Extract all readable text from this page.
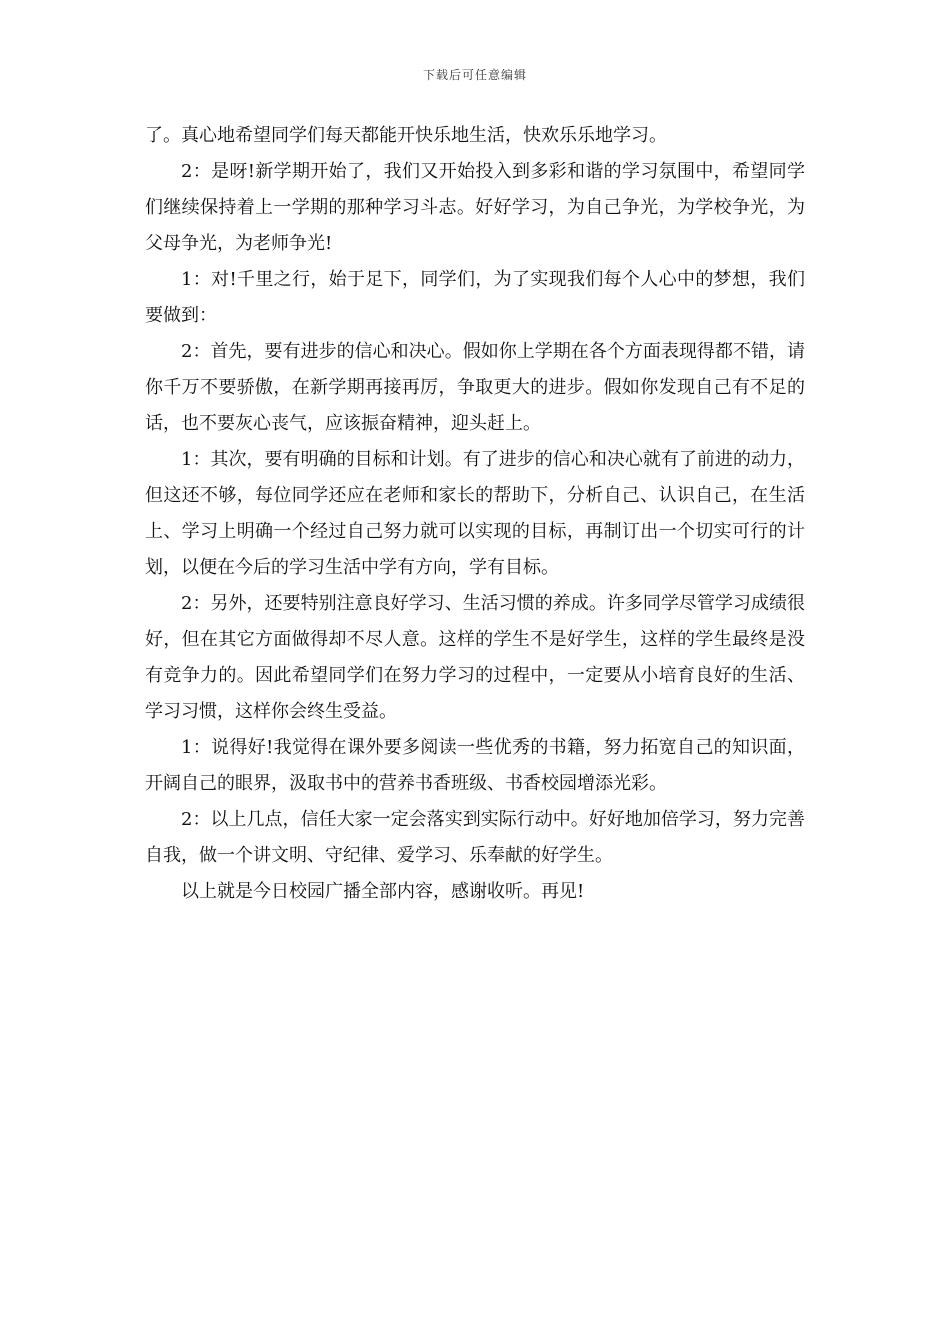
下载后可任意编辑

了。真心地希望同学们每天都能开快乐地生活，快欢乐乐地学习。

2：是呀!新学期开始了，我们又开始投入到多彩和谐的学习氛围中，希望同学们继续保持着上一学期的那种学习斗志。好好学习，为自己争光，为学校争光，为父母争光，为老师争光!

1：对!千里之行，始于足下，同学们，为了实现我们每个人心中的梦想，我们要做到：

2：首先，要有进步的信心和决心。假如你上学期在各个方面表现得都不错，请你千万不要骄傲，在新学期再接再厉，争取更大的进步。假如你发现自己有不足的话，也不要灰心丧气，应该振奋精神，迎头赶上。

1：其次，要有明确的目标和计划。有了进步的信心和决心就有了前进的动力，但这还不够，每位同学还应在老师和家长的帮助下，分析自己、认识自己，在生活上、学习上明确一个经过自己努力就可以实现的目标，再制订出一个切实可行的计划，以便在今后的学习生活中学有方向，学有目标。

2：另外，还要特别注意良好学习、生活习惯的养成。许多同学尽管学习成绩很好，但在其它方面做得却不尽人意。这样的学生不是好学生，这样的学生最终是没有竞争力的。因此希望同学们在努力学习的过程中，一定要从小培育良好的生活、学习习惯，这样你会终生受益。

1：说得好!我觉得在课外要多阅读一些优秀的书籍，努力拓宽自己的知识面，开阔自己的眼界，汲取书中的营养书香班级、书香校园增添光彩。

2：以上几点，信任大家一定会落实到实际行动中。好好地加倍学习，努力完善自我，做一个讲文明、守纪律、爱学习、乐奉献的好学生。

以上就是今日校园广播全部内容，感谢收听。再见!
